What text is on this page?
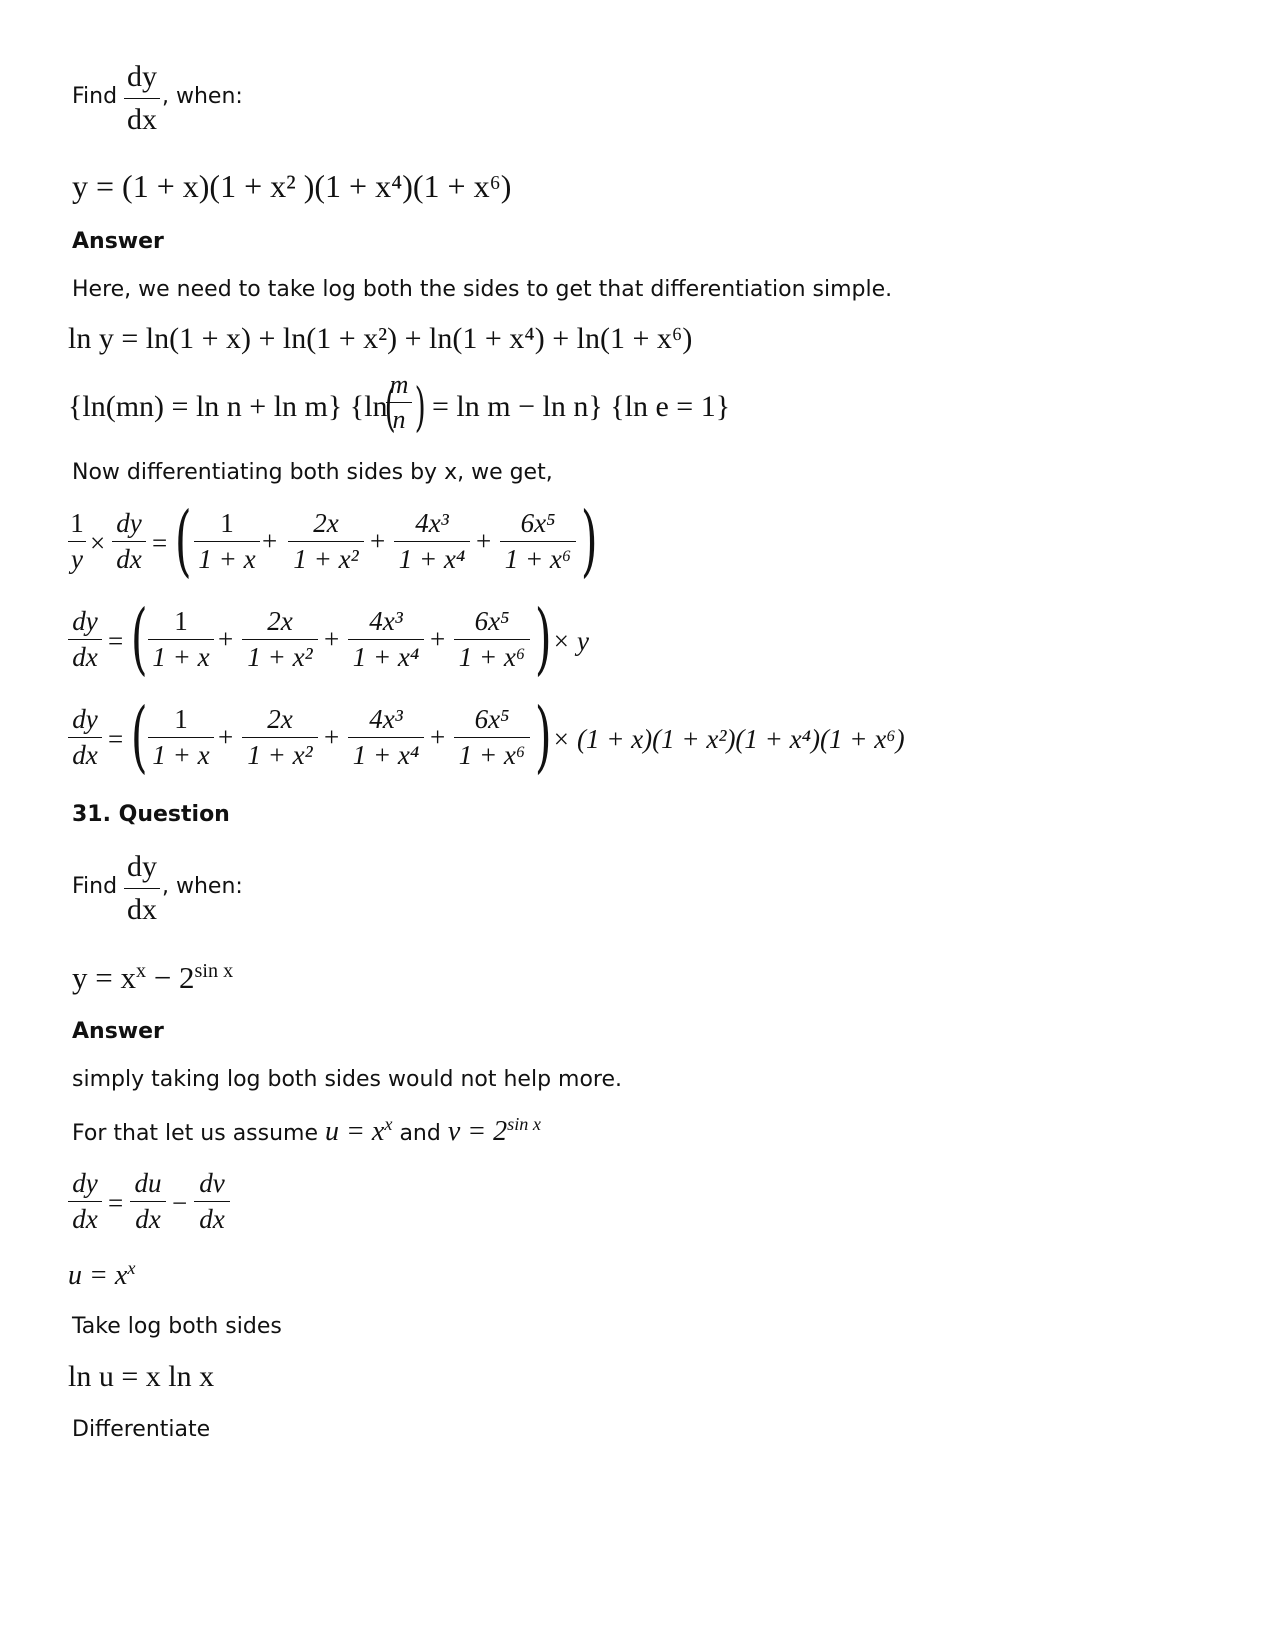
Find
dy
dx
, when:
y = (1 + x)(1 + x² )(1 + x⁴)(1 + x⁶)
Answer
Here, we need to take log both the sides to get that differentiation simple.
ln y = ln(1 + x) + ln(1 + x²) + ln(1 + x⁴) + ln(1 + x⁶)
{ln(mn) = ln n + ln m} {ln
(
m
n ) = ln m − ln n} {ln e = 1}
Now differentiating both sides by x, we get,
1
y
×
dy
dx
= (	1
1 + x
+
2x
1 + x²
+
4x³
1 + x⁴
+
6x⁵
1 + x⁶ )
dy
dx
= ( 1
1 + x
+
2x
1 + x²
+
4x³
1 + x⁴
+
6x⁵
1 + x⁶ ) × y
dy
dx
= ( 1
1 + x
+
2x
1 + x²
+
4x³
1 + x⁴
+
6x⁵
1 + x⁶ ) × (1 + x)(1 + x²)(1 + x⁴)(1 + x⁶)
31. Question
Find
dy
dx
, when:
$y = x^x - 2^{sin x}$
Answer
simply taking log both sides would not help more.
For that let us assume $u = x^x$ and $v = 2^{sin x}$
dy
dx
=
du
dx
−
dv
dx
$u = x^x$
Take log both sides
ln u = x ln x
Differentiate
